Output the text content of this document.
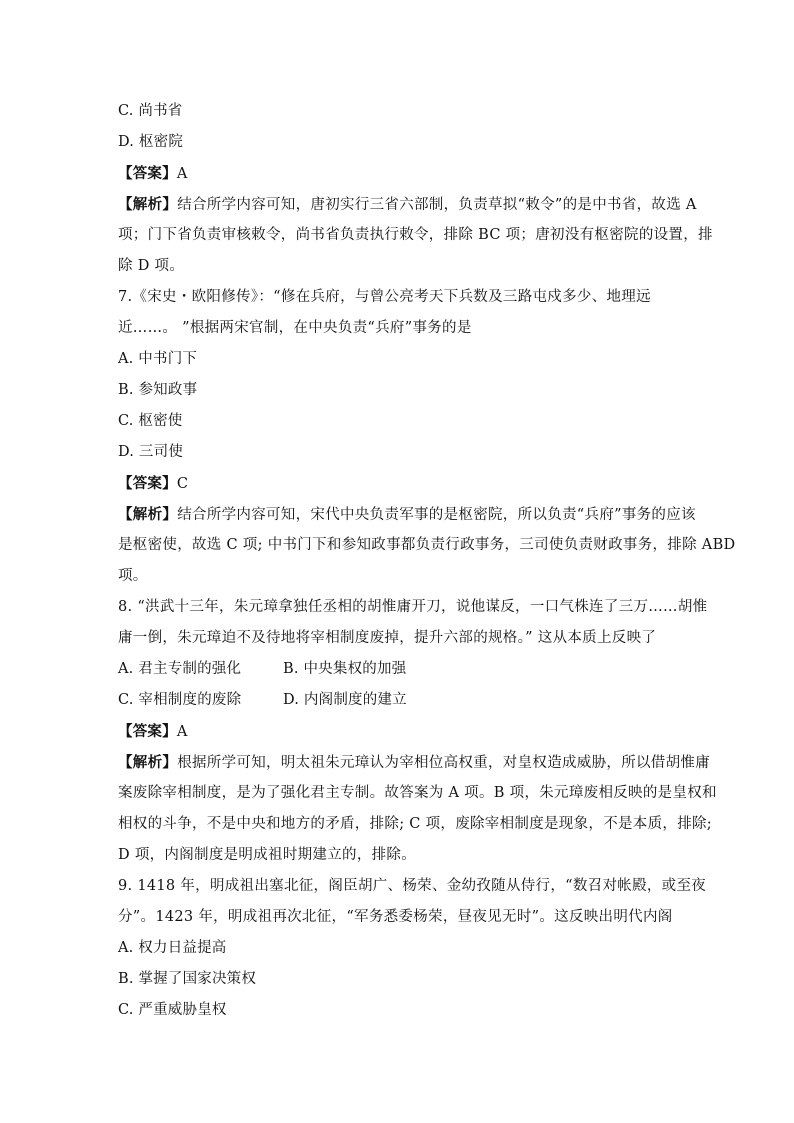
C. 尚书省
D. 枢密院
【答案】A
【解析】结合所学内容可知，唐初实行三省六部制，负责草拟“敕令”的是中书省，故选 A
项；门下省负责审核敕令，尚书省负责执行敕令，排除 BC 项；唐初没有枢密院的设置，排
除 D 项。
7.《宋史・欧阳修传》：“修在兵府，与曾公亮考天下兵数及三路屯戍多少、地理远
近……。 ”根据两宋官制，在中央负责“兵府”事务的是
A. 中书门下
B. 参知政事
C. 枢密使
D. 三司使
【答案】C
【解析】结合所学内容可知，宋代中央负责军事的是枢密院，所以负责“兵府”事务的应该
是枢密使，故选 C 项; 中书门下和参知政事都负责行政事务，三司使负责财政事务，排除 ABD
项。
8. “洪武十三年，朱元璋拿独任丞相的胡惟庸开刀，说他谋反，一口气株连了三万……胡惟
庸一倒，朱元璋迫不及待地将宰相制度废掉，提升六部的规格。” 这从本质上反映了
A. 君主专制的强化	B. 中央集权的加强
C. 宰相制度的废除	D. 内阁制度的建立
【答案】A
【解析】根据所学可知，明太祖朱元璋认为宰相位高权重，对皇权造成威胁，所以借胡惟庸
案废除宰相制度，是为了强化君主专制。故答案为 A 项。B 项，朱元璋废相反映的是皇权和
相权的斗争，不是中央和地方的矛盾，排除; C 项，废除宰相制度是现象，不是本质，排除;
D 项，内阁制度是明成祖时期建立的，排除。
9. 1418 年，明成祖出塞北征，阁臣胡广、杨荣、金幼孜随从侍行，“数召对帐殿，或至夜
分”。1423 年，明成祖再次北征，“军务悉委杨荣，昼夜见无时”。这反映出明代内阁
A. 权力日益提高
B. 掌握了国家决策权
C. 严重威胁皇权
